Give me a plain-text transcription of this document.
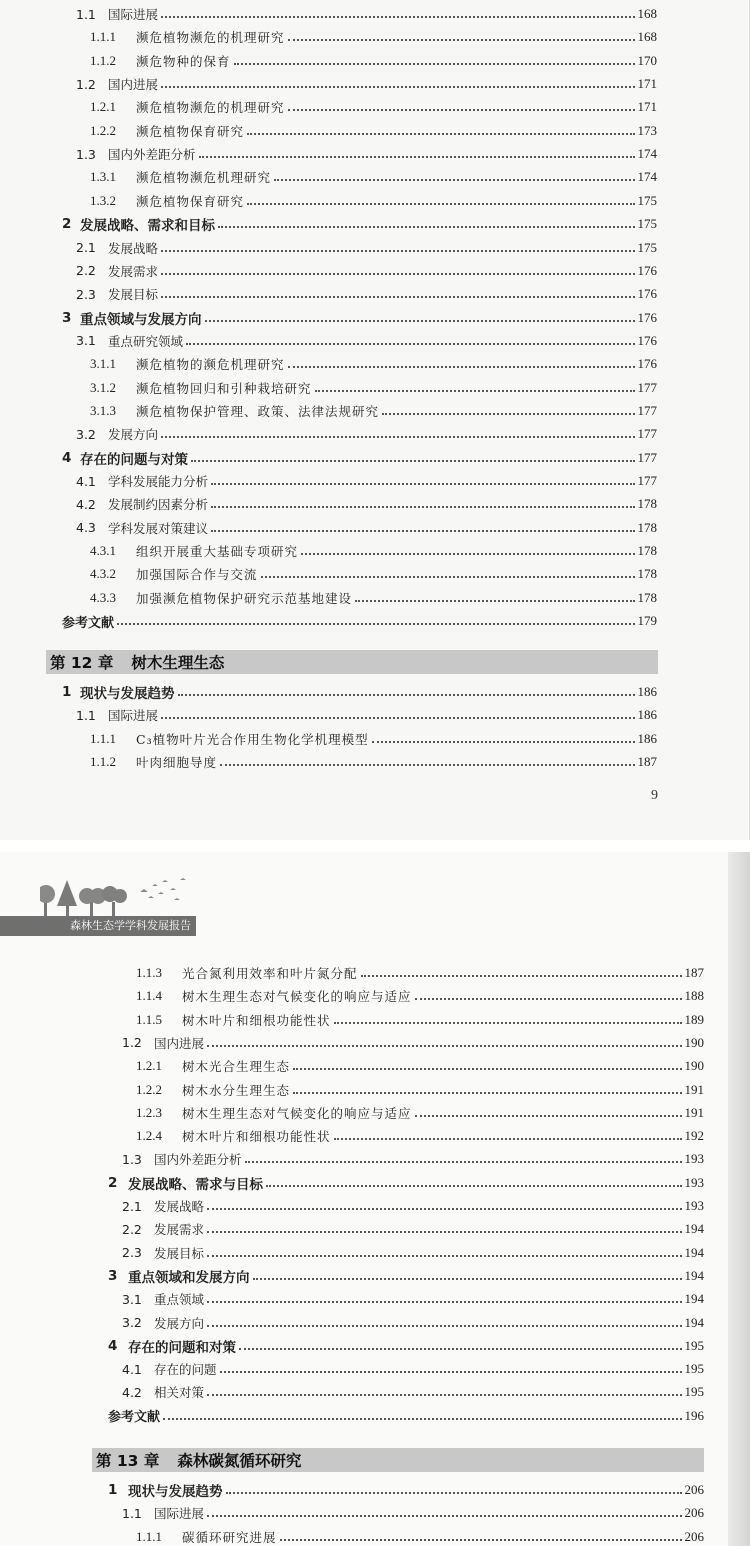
第 12 章 树木生理生态
9
森林生态学学科发展报告
第 13 章 森林碳氮循环研究
1.1 国际进展	168
1.1.1	濒危植物濒危的机理研究	168
1.1.2	濒危物种的保育	170
1.2 国内进展	171
1.2.1	濒危植物濒危的机理研究	171
1.2.2	濒危植物保育研究	173
1.3 国内外差距分析	174
1.3.1	濒危植物濒危机理研究	174
1.3.2	濒危植物保育研究	175
2 发展战略、需求和目标	175
2.1 发展战略	175
2.2 发展需求	176
2.3 发展目标	176
3 重点领域与发展方向	176
3.1 重点研究领域	176
3.1.1	濒危植物的濒危机理研究	176
3.1.2	濒危植物回归和引种栽培研究	177
3.1.3	濒危植物保护管理、政策、法律法规研究	177
3.2 发展方向	177
4 存在的问题与对策	177
4.1 学科发展能力分析	177
4.2 发展制约因素分析	178
4.3 学科发展对策建议	178
4.3.1	组织开展重大基础专项研究	178
4.3.2	加强国际合作与交流	178
4.3.3	加强濒危植物保护研究示范基地建设	178
参考文献	179
1 现状与发展趋势	186
1.1 国际进展	186
1.1.1	C₃植物叶片光合作用生物化学机理模型	186
1.1.2	叶肉细胞导度	187
1.1.3	光合氮利用效率和叶片氮分配	187
1.1.4	树木生理生态对气候变化的响应与适应	188
1.1.5	树木叶片和细根功能性状	189
1.2 国内进展	190
1.2.1	树木光合生理生态	190
1.2.2	树木水分生理生态	191
1.2.3	树木生理生态对气候变化的响应与适应	191
1.2.4	树木叶片和细根功能性状	192
1.3 国内外差距分析	193
2 发展战略、需求与目标	193
2.1 发展战略	193
2.2 发展需求	194
2.3 发展目标	194
3 重点领域和发展方向	194
3.1 重点领域	194
3.2 发展方向	194
4 存在的问题和对策	195
4.1 存在的问题	195
4.2 相关对策	195
参考文献	196
1 现状与发展趋势	206
1.1 国际进展	206
1.1.1	碳循环研究进展	206
